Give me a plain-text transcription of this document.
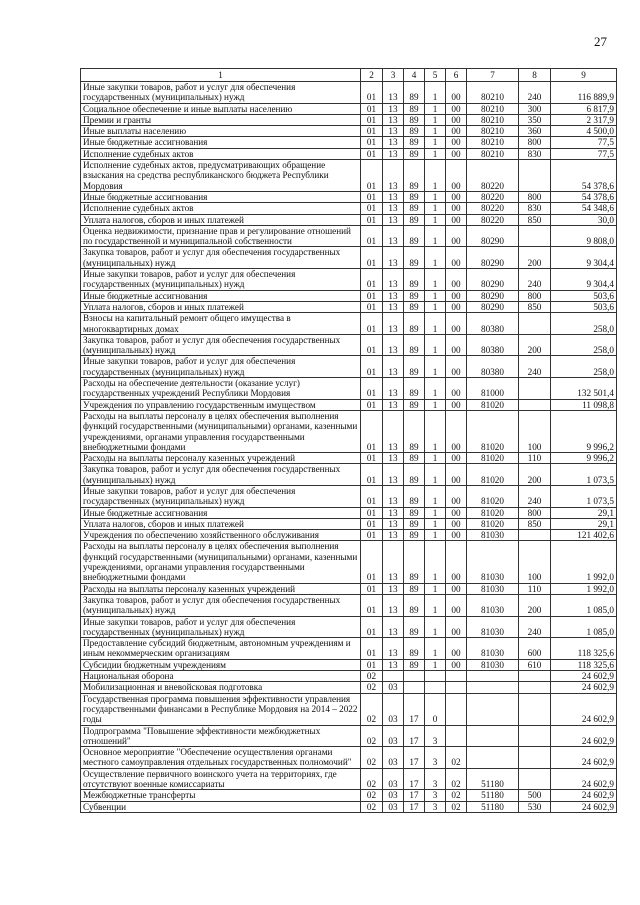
27
1	2	3	4	5	6	7	8	9
Иные закупки товаров, работ и услуг для обеспечения государственных (муниципальных) нужд	01	13	89	1	00	80210	240	116 889,9
Социальное обеспечение и иные выплаты населению	01	13	89	1	00	80210	300	6 817,9
Премии и гранты	01	13	89	1	00	80210	350	2 317,9
Иные выплаты населению	01	13	89	1	00	80210	360	4 500,0
Иные бюджетные ассигнования	01	13	89	1	00	80210	800	77,5
Исполнение судебных актов	01	13	89	1	00	80210	830	77,5
Исполнение судебных актов, предусматривающих обращение взыскания на средства республиканского бюджета Республики Мордовия	01	13	89	1	00	80220		54 378,6
Иные бюджетные ассигнования	01	13	89	1	00	80220	800	54 378,6
Исполнение судебных актов	01	13	89	1	00	80220	830	54 348,6
Уплата налогов, сборов и иных платежей	01	13	89	1	00	80220	850	30,0
Оценка недвижимости, признание прав и регулирование отношений по государственной и муниципальной собственности	01	13	89	1	00	80290		9 808,0
Закупка товаров, работ и услуг для обеспечения государственных (муниципальных) нужд	01	13	89	1	00	80290	200	9 304,4
Иные закупки товаров, работ и услуг для обеспечения государственных (муниципальных) нужд	01	13	89	1	00	80290	240	9 304,4
Иные бюджетные ассигнования	01	13	89	1	00	80290	800	503,6
Уплата налогов, сборов и иных платежей	01	13	89	1	00	80290	850	503,6
Взносы на капитальный ремонт общего имущества в многоквартирных домах	01	13	89	1	00	80380		258,0
Закупка товаров, работ и услуг для обеспечения государственных (муниципальных) нужд	01	13	89	1	00	80380	200	258,0
Иные закупки товаров, работ и услуг для обеспечения государственных (муниципальных) нужд	01	13	89	1	00	80380	240	258,0
Расходы на обеспечение деятельности (оказание услуг) государственных учреждений Республики Мордовия	01	13	89	1	00	81000		132 501,4
Учреждения по управлению государственным имуществом	01	13	89	1	00	81020		11 098,8
Расходы на выплаты персоналу в целях обеспечения выполнения функций государственными (муниципальными) органами, казенными учреждениями, органами управления государственными внебюджетными фондами	01	13	89	1	00	81020	100	9 996,2
Расходы на выплаты персоналу казенных учреждений	01	13	89	1	00	81020	110	9 996,2
Закупка товаров, работ и услуг для обеспечения государственных (муниципальных) нужд	01	13	89	1	00	81020	200	1 073,5
Иные закупки товаров, работ и услуг для обеспечения государственных (муниципальных) нужд	01	13	89	1	00	81020	240	1 073,5
Иные бюджетные ассигнования	01	13	89	1	00	81020	800	29,1
Уплата налогов, сборов и иных платежей	01	13	89	1	00	81020	850	29,1
Учреждения по обеспечению хозяйственного обслуживания	01	13	89	1	00	81030		121 402,6
Расходы на выплаты персоналу в целях обеспечения выполнения функций государственными (муниципальными) органами, казенными учреждениями, органами управления государственными внебюджетными фондами	01	13	89	1	00	81030	100	1 992,0
Расходы на выплаты персоналу казенных учреждений	01	13	89	1	00	81030	110	1 992,0
Закупка товаров, работ и услуг для обеспечения государственных (муниципальных) нужд	01	13	89	1	00	81030	200	1 085,0
Иные закупки товаров, работ и услуг для обеспечения государственных (муниципальных) нужд	01	13	89	1	00	81030	240	1 085,0
Предоставление субсидий бюджетным, автономным учреждениям и иным некоммерческим организациям	01	13	89	1	00	81030	600	118 325,6
Субсидии бюджетным учреждениям	01	13	89	1	00	81030	610	118 325,6
Национальная оборона	02							24 602,9
Мобилизационная и вневойсковая подготовка	02	03						24 602,9
Государственная программа повышения эффективности управления государственными финансами в Республике Мордовия на 2014 – 2022 годы	02	03	17	0				24 602,9
Подпрограмма "Повышение эффективности межбюджетных отношений"	02	03	17	3				24 602,9
Основное мероприятие "Обеспечение осуществления органами местного самоуправления отдельных государственных полномочий"	02	03	17	3	02			24 602,9
Осуществление первичного воинского учета на территориях, где отсутствуют военные комиссариаты	02	03	17	3	02	51180		24 602,9
Межбюджетные трансферты	02	03	17	3	02	51180	500	24 602,9
Субвенции	02	03	17	3	02	51180	530	24 602,9
